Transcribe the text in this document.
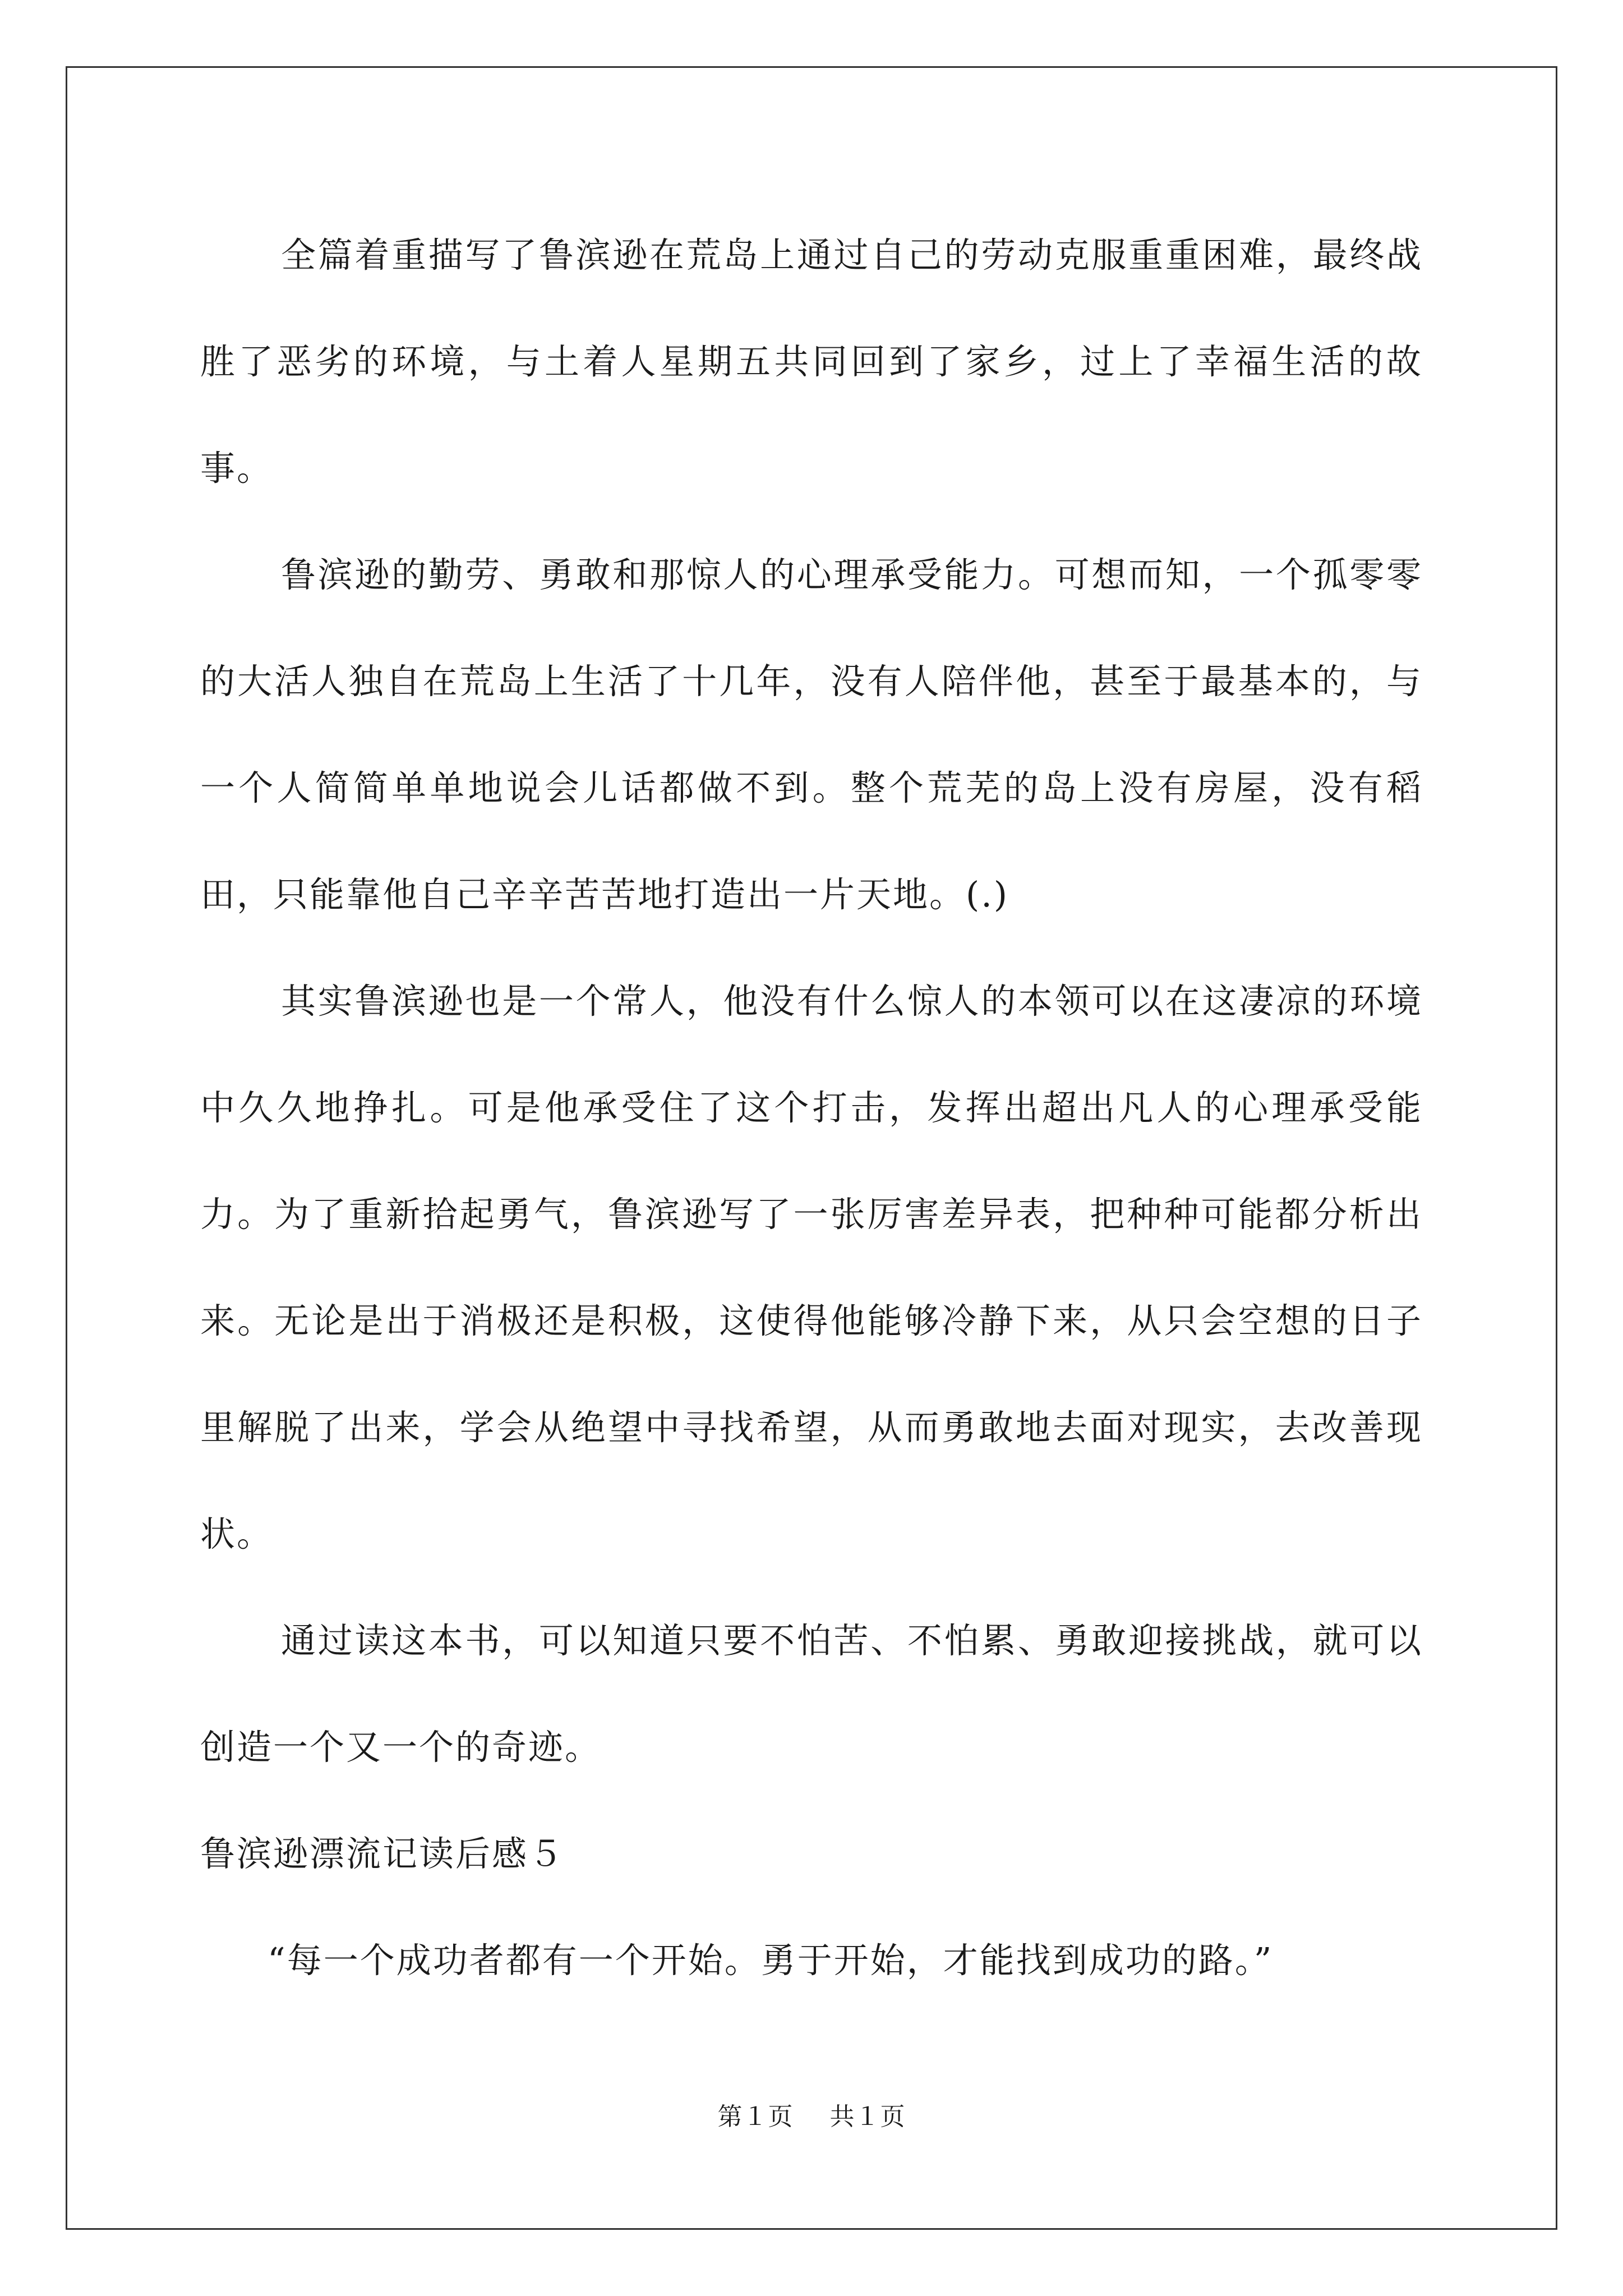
全篇着重描写了鲁滨逊在荒岛上通过自己的劳动克服重重困难，最终战胜了恶劣的环境，与土着人星期五共同回到了家乡，过上了幸福生活的故事。

鲁滨逊的勤劳、勇敢和那惊人的心理承受能力。可想而知，一个孤零零的大活人独自在荒岛上生活了十几年，没有人陪伴他，甚至于最基本的，与一个人简简单单地说会儿话都做不到。整个荒芜的岛上没有房屋，没有稻田，只能靠他自己辛辛苦苦地打造出一片天地。(.)

其实鲁滨逊也是一个常人，他没有什么惊人的本领可以在这凄凉的环境中久久地挣扎。可是他承受住了这个打击，发挥出超出凡人的心理承受能力。为了重新拾起勇气，鲁滨逊写了一张厉害差异表，把种种可能都分析出来。无论是出于消极还是积极，这使得他能够冷静下来，从只会空想的日子里解脱了出来，学会从绝望中寻找希望，从而勇敢地去面对现实，去改善现状。

通过读这本书，可以知道只要不怕苦、不怕累、勇敢迎接挑战，就可以创造一个又一个的奇迹。

鲁滨逊漂流记读后感５

“每一个成功者都有一个开始。勇于开始，才能找到成功的路。”

第１页 共１页
